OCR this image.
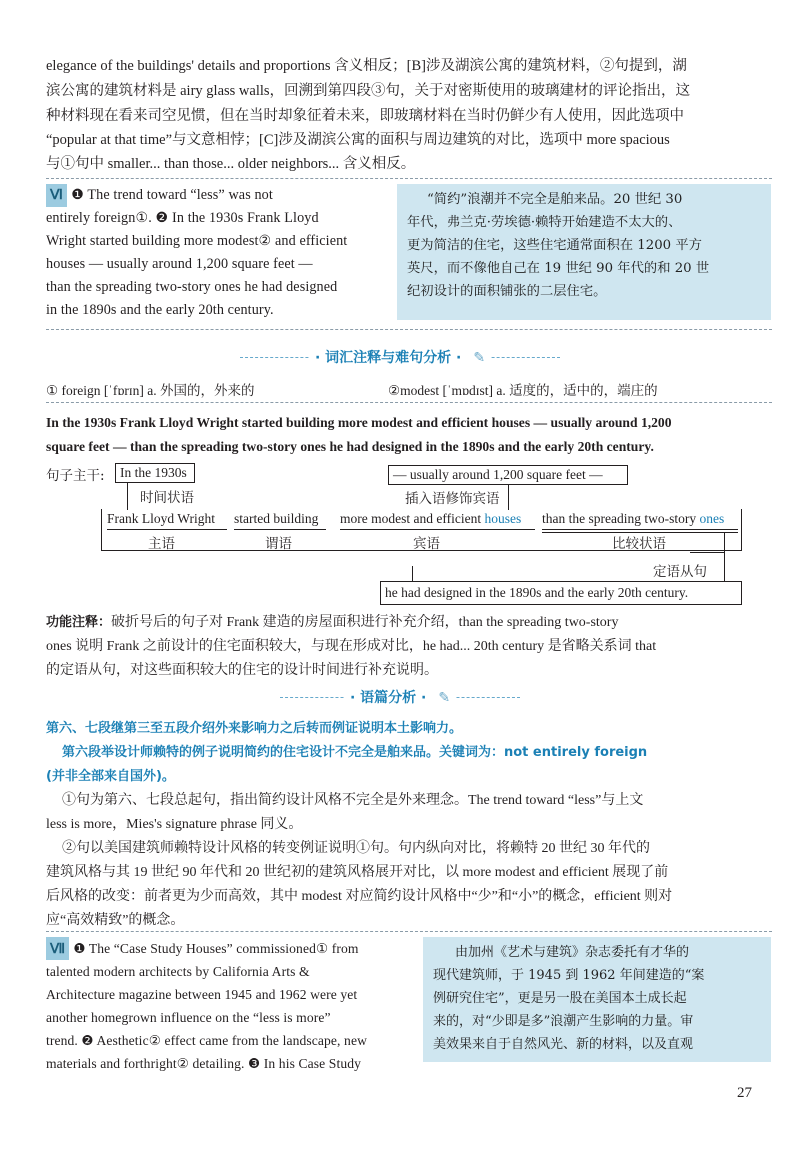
elegance of the buildings' details and proportions 含义相反；[B]涉及湖滨公寓的建筑材料，②句提到，湖
滨公寓的建筑材料是 airy glass walls，回溯到第四段③句，关于对密斯使用的玻璃建材的评论指出，这
种材料现在看来司空见惯，但在当时却象征着未来，即玻璃材料在当时仍鲜少有人使用，因此选项中
“popular at that time”与文意相悖；[C]涉及湖滨公寓的面积与周边建筑的对比，选项中 more spacious
与①句中 smaller... than those... older neighbors... 含义相反。
Ⅵ ❶ The trend toward “less” was not
entirely foreign①. ❷ In the 1930s Frank Lloyd
Wright started building more modest② and efficient
houses — usually around 1,200 square feet —
than the spreading two-story ones he had designed
in the 1890s and the early 20th century.
“简约”浪潮并不完全是舶来品。20 世纪 30
年代，弗兰克·劳埃德·赖特开始建造不太大的、
更为简洁的住宅，这些住宅通常面积在 1200 平方
英尺，而不像他自己在 19 世纪 90 年代的和 20 世
纪初设计的面积铺张的二层住宅。
· 词汇注释与难句分析 · ✎
① foreign [ˈfɒrɪn] a. 外国的，外来的	②modest [ˈmɒdɪst] a. 适度的，适中的，端庄的
In the 1930s Frank Lloyd Wright started building more modest and efficient houses — usually around 1,200
square feet — than the spreading two-story ones he had designed in the 1890s and the early 20th century.
句子主干:	In the 1930s
时间状语
— usually around 1,200 square feet —
插入语修饰宾语
Frank Lloyd Wright
主语
started building
谓语
more modest and efficient houses
宾语
than the spreading two-story ones
比较状语
定语从句
he had designed in the 1890s and the early 20th century.
功能注释：破折号后的句子对 Frank 建造的房屋面积进行补充介绍，than the spreading two-story
ones 说明 Frank 之前设计的住宅面积较大，与现在形成对比，he had... 20th century 是省略关系词 that
的定语从句，对这些面积较大的住宅的设计时间进行补充说明。
· 语篇分析 · ✎
第六、七段继第三至五段介绍外来影响力之后转而例证说明本土影响力。
第六段举设计师赖特的例子说明简约的住宅设计不完全是舶来品。关键词为：not entirely foreign
(并非全部来自国外)。
①句为第六、七段总起句，指出简约设计风格不完全是外来理念。The trend toward “less”与上文
less is more，Mies's signature phrase 同义。
②句以美国建筑师赖特设计风格的转变例证说明①句。句内纵向对比，将赖特 20 世纪 30 年代的
建筑风格与其 19 世纪 90 年代和 20 世纪初的建筑风格展开对比，以 more modest and efficient 展现了前
后风格的改变：前者更为少而高效，其中 modest 对应简约设计风格中“少”和“小”的概念，efficient 则对
应“高效精致”的概念。
Ⅶ ❶ The “Case Study Houses” commissioned① from
talented modern architects by California Arts &
Architecture magazine between 1945 and 1962 were yet
another homegrown influence on the “less is more”
trend. ❷ Aesthetic② effect came from the landscape, new
materials and forthright② detailing. ❸ In his Case Study
由加州《艺术与建筑》杂志委托有才华的
现代建筑师，于 1945 到 1962 年间建造的“案
例研究住宅”，更是另一股在美国本土成长起
来的，对“少即是多”浪潮产生影响的力量。审
美效果来自于自然风光、新的材料，以及直观
27
